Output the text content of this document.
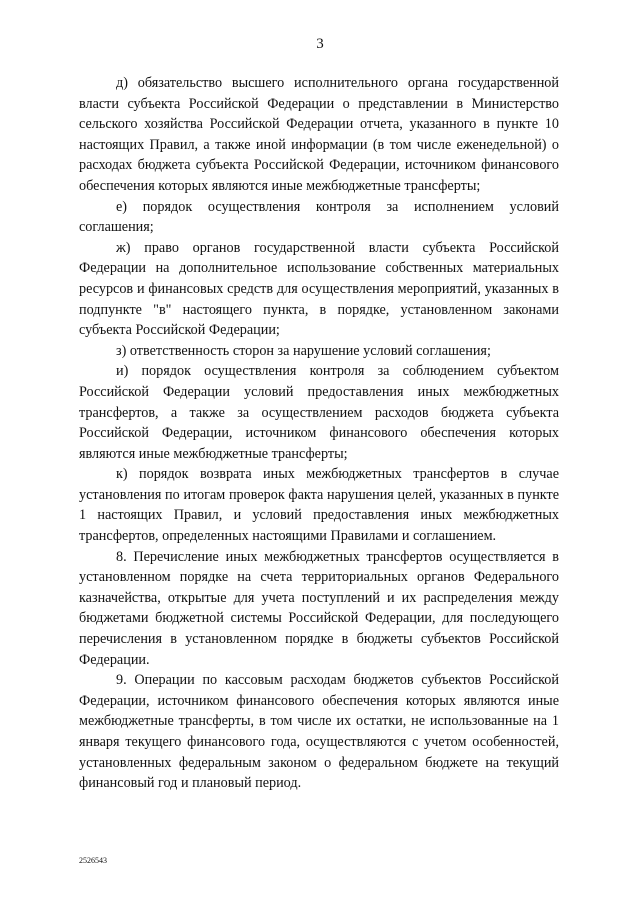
3

д) обязательство высшего исполнительного органа государственной власти субъекта Российской Федерации о представлении в Министерство сельского хозяйства Российской Федерации отчета, указанного в пункте 10 настоящих Правил, а также иной информации (в том числе еженедельной) о расходах бюджета субъекта Российской Федерации, источником финансового обеспечения которых являются иные межбюджетные трансферты;

е) порядок осуществления контроля за исполнением условий соглашения;

ж) право органов государственной власти субъекта Российской Федерации на дополнительное использование собственных материальных ресурсов и финансовых средств для осуществления мероприятий, указанных в подпункте "в" настоящего пункта, в порядке, установленном законами субъекта Российской Федерации;

з) ответственность сторон за нарушение условий соглашения;

и) порядок осуществления контроля за соблюдением субъектом Российской Федерации условий предоставления иных межбюджетных трансфертов, а также за осуществлением расходов бюджета субъекта Российской Федерации, источником финансового обеспечения которых являются иные межбюджетные трансферты;

к) порядок возврата иных межбюджетных трансфертов в случае установления по итогам проверок факта нарушения целей, указанных в пункте 1 настоящих Правил, и условий предоставления иных межбюджетных трансфертов, определенных настоящими Правилами и соглашением.

8. Перечисление иных межбюджетных трансфертов осуществляется в установленном порядке на счета территориальных органов Федерального казначейства, открытые для учета поступлений и их распределения между бюджетами бюджетной системы Российской Федерации, для последующего перечисления в установленном порядке в бюджеты субъектов Российской Федерации.

9. Операции по кассовым расходам бюджетов субъектов Российской Федерации, источником финансового обеспечения которых являются иные межбюджетные трансферты, в том числе их остатки, не использованные на 1 января текущего финансового года, осуществляются с учетом особенностей, установленных федеральным законом о федеральном бюджете на текущий финансовый год и плановый период.

2526543
